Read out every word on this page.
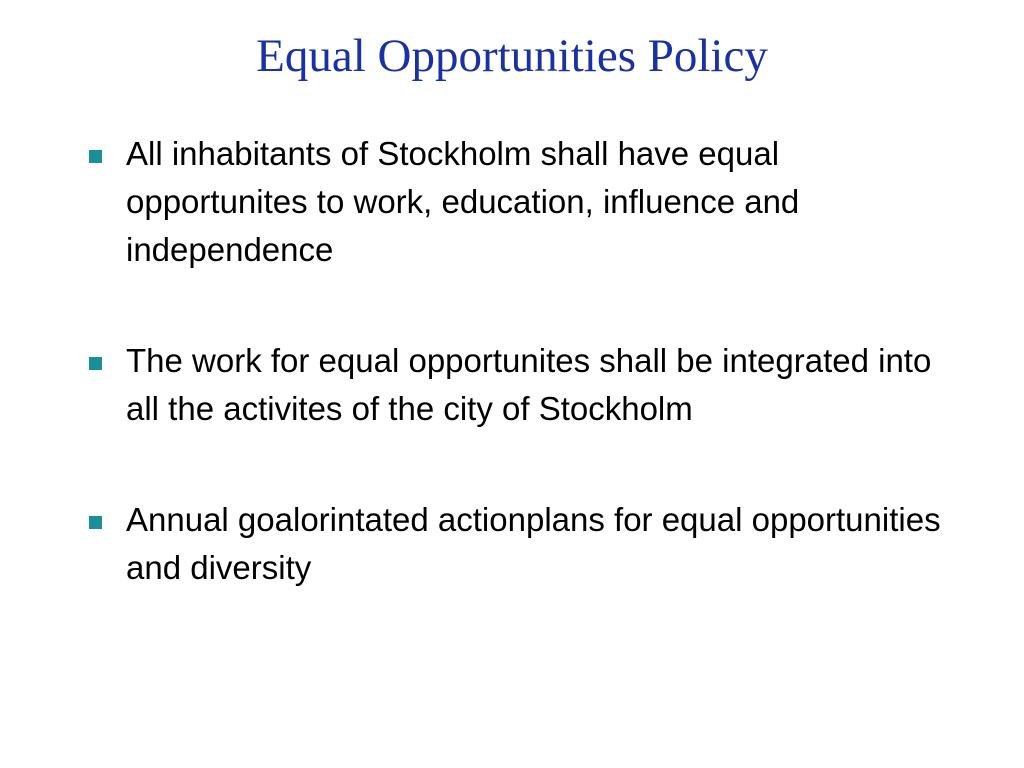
Equal Opportunities Policy
All inhabitants of Stockholm shall have equal opportunites to work, education, influence and independence
The work for equal opportunites shall be integrated into all the activites of the city of Stockholm
Annual goalorintated actionplans for equal opportunities and diversity
